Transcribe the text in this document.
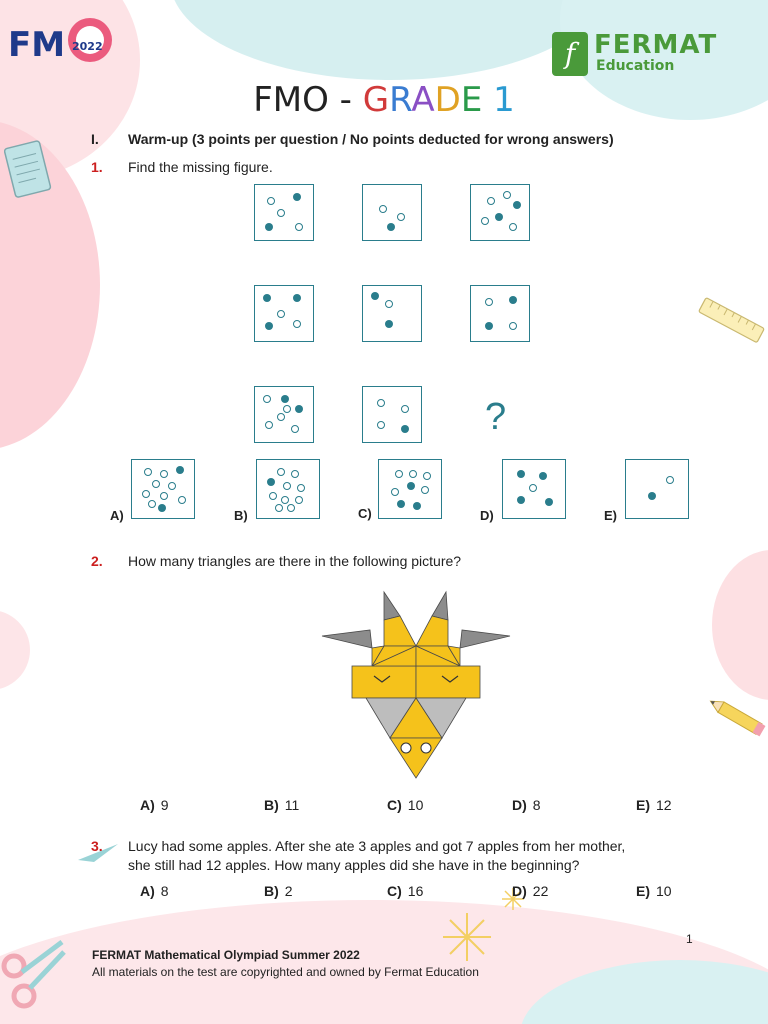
FM 2022	f FERMAT
Education
FMO - GRADE 1
I. Warm-up (3 points per question / No points deducted for wrong answers)
1. Find the missing figure.
?
A)	B)	C)	D)	E)
2. How many triangles are there in the following picture?
A) 9	B) 11	C) 10	D) 8	E) 12
3. Lucy had some apples. After she ate 3 apples and got 7 apples from her mother,
she still had 12 apples. How many apples did she have in the beginning?
A) 8	B) 2	C) 16	D) 22	E) 10
1
FERMAT Mathematical Olympiad Summer 2022
All materials on the test are copyrighted and owned by Fermat Education
